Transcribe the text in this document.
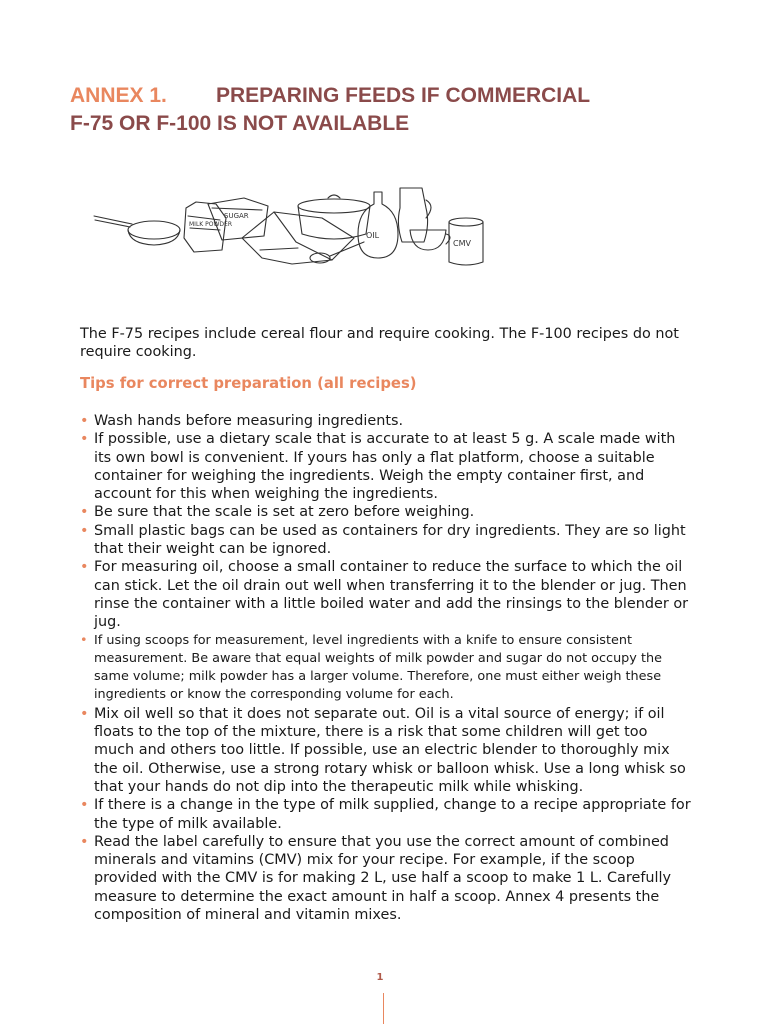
ANNEX 1. PREPARING FEEDS IF COMMERCIAL
F-75 OR F-100 IS NOT AVAILABLE
MILK POWDER
SUGAR
OIL
CMV

The F-75 recipes include cereal flour and require cooking. The F-100 recipes do not require cooking.

Tips for correct preparation (all recipes)
• Wash hands before measuring ingredients.
• If possible, use a dietary scale that is accurate to at least 5 g. A scale made with its own bowl is convenient. If yours has only a flat platform, choose a suitable container for weighing the ingredients. Weigh the empty container first, and account for this when weighing the ingredients.
• Be sure that the scale is set at zero before weighing.
• Small plastic bags can be used as containers for dry ingredients. They are so light that their weight can be ignored.
• For measuring oil, choose a small container to reduce the surface to which the oil can stick. Let the oil drain out well when transferring it to the blender or jug. Then rinse the container with a little boiled water and add the rinsings to the blender or jug.
• If using scoops for measurement, level ingredients with a knife to ensure consistent measurement. Be aware that equal weights of milk powder and sugar do not occupy the same volume; milk powder has a larger volume. Therefore, one must either weigh these ingredients or know the corresponding volume for each.
• Mix oil well so that it does not separate out. Oil is a vital source of energy; if oil floats to the top of the mixture, there is a risk that some children will get too much and others too little. If possible, use an electric blender to thoroughly mix the oil. Otherwise, use a strong rotary whisk or balloon whisk. Use a long whisk so that your hands do not dip into the therapeutic milk while whisking.
• If there is a change in the type of milk supplied, change to a recipe appropriate for the type of milk available.
• Read the label carefully to ensure that you use the correct amount of combined minerals and vitamins (CMV) mix for your recipe. For example, if the scoop provided with the CMV is for making 2 L, use half a scoop to make 1 L. Carefully measure to determine the exact amount in half a scoop. Annex 4 presents the composition of mineral and vitamin mixes.
1
